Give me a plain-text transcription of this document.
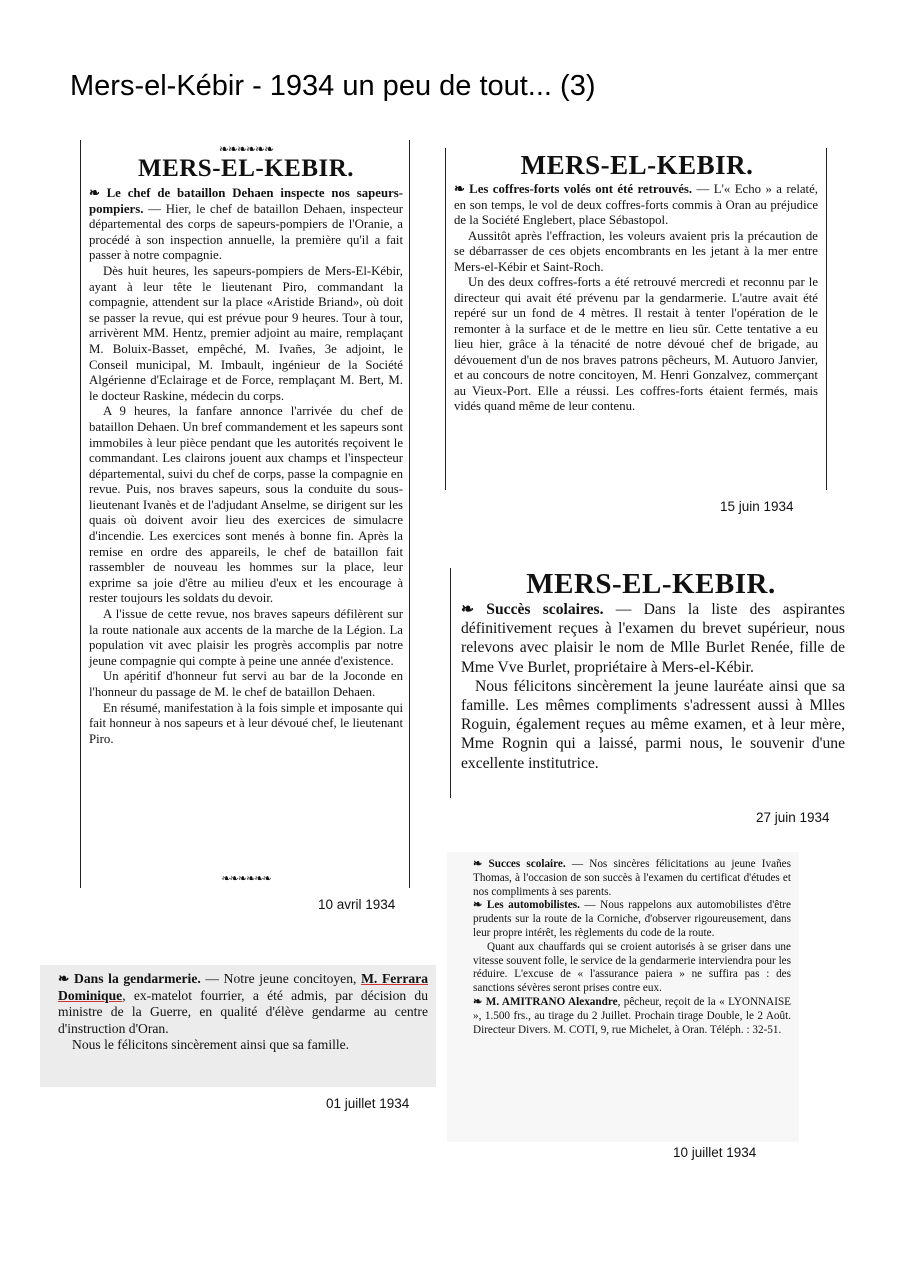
Mers-el-Kébir - 1934 un peu de tout... (3)
❧❧❧❧❧❧
MERS-EL-KEBIR.

❧ Le chef de bataillon Dehaen inspecte nos sapeurs-pompiers. — Hier, le chef de bataillon Dehaen, inspecteur départemental des corps de sapeurs-pompiers de l'Oranie, a procédé à son inspection annuelle, la première qu'il a fait passer à notre compagnie.

Dès huit heures, les sapeurs-pompiers de Mers-El-Kébir, ayant à leur tête le lieutenant Piro, commandant la compagnie, attendent sur la place «Aristide Briand», où doit se passer la revue, qui est prévue pour 9 heures. Tour à tour, arrivèrent MM. Hentz, premier adjoint au maire, remplaçant M. Boluix-Basset, empêché, M. Ivañes, 3e adjoint, le Conseil municipal, M. Imbault, ingénieur de la Société Algérienne d'Eclairage et de Force, remplaçant M. Bert, M. le docteur Raskine, médecin du corps.

A 9 heures, la fanfare annonce l'arrivée du chef de bataillon Dehaen. Un bref commandement et les sapeurs sont immobiles à leur pièce pendant que les autorités reçoivent le commandant. Les clairons jouent aux champs et l'inspecteur départemental, suivi du chef de corps, passe la compagnie en revue. Puis, nos braves sapeurs, sous la conduite du sous-lieutenant Ivanès et de l'adjudant Anselme, se dirigent sur les quais où doivent avoir lieu des exercices de simulacre d'incendie. Les exercices sont menés à bonne fin. Après la remise en ordre des appareils, le chef de bataillon fait rassembler de nouveau les hommes sur la place, leur exprime sa joie d'être au milieu d'eux et les encourage à rester toujours les soldats du devoir.

A l'issue de cette revue, nos braves sapeurs défilèrent sur la route nationale aux accents de la marche de la Légion. La population vit avec plaisir les progrès accomplis par notre jeune compagnie qui compte à peine une année d'existence.

Un apéritif d'honneur fut servi au bar de la Joconde en l'honneur du passage de M. le chef de bataillon Dehaen.

En résumé, manifestation à la fois simple et imposante qui fait honneur à nos sapeurs et à leur dévoué chef, le lieutenant Piro.

❧❧❧❧❧❧
10 avril 1934
MERS-EL-KEBIR.

❧ Les coffres-forts volés ont été retrouvés. — L'« Echo » a relaté, en son temps, le vol de deux coffres-forts commis à Oran au préjudice de la Société Englebert, place Sébastopol.

Aussitôt après l'effraction, les voleurs avaient pris la précaution de se débarrasser de ces objets encombrants en les jetant à la mer entre Mers-el-Kébir et Saint-Roch.

Un des deux coffres-forts a été retrouvé mercredi et reconnu par le directeur qui avait été prévenu par la gendarmerie. L'autre avait été repéré sur un fond de 4 mètres. Il restait à tenter l'opération de le remonter à la surface et de le mettre en lieu sûr. Cette tentative a eu lieu hier, grâce à la ténacité de notre dévoué chef de brigade, au dévouement d'un de nos braves patrons pêcheurs, M. Autuoro Janvier, et au concours de notre concitoyen, M. Henri Gonzalvez, commerçant au Vieux-Port. Elle a réussi. Les coffres-forts étaient fermés, mais vidés quand même de leur contenu.

15 juin 1934
MERS-EL-KEBIR.

❧ Succès scolaires. — Dans la liste des aspirantes définitivement reçues à l'examen du brevet supérieur, nous relevons avec plaisir le nom de Mlle Burlet Renée, fille de Mme Vve Burlet, propriétaire à Mers-el-Kébir.

Nous félicitons sincèrement la jeune lauréate ainsi que sa famille. Les mêmes compliments s'adressent aussi à Mlles Roguin, également reçues au même examen, et à leur mère, Mme Rognin qui a laissé, parmi nous, le souvenir d'une excellente institutrice.

27 juin 1934

❧ Dans la gendarmerie. — Notre jeune concitoyen, M. Ferrara Dominique, ex-matelot fourrier, a été admis, par décision du ministre de la Guerre, en qualité d'élève gendarme au centre d'instruction d'Oran.

Nous le félicitons sincèrement ainsi que sa famille.

01 juillet 1934

❧ Succes scolaire. — Nos sincères félicitations au jeune Ivañes Thomas, à l'occasion de son succès à l'examen du certificat d'études et nos compliments à ses parents.

❧ Les automobilistes. — Nous rappelons aux automobilistes d'être prudents sur la route de la Corniche, d'observer rigoureusement, dans leur propre intérêt, les règlements du code de la route.

Quant aux chauffards qui se croient autorisés à se griser dans une vitesse souvent folle, le service de la gendarmerie interviendra pour les réduire. L'excuse de « l'assurance paiera » ne suffira pas : des sanctions sévères seront prises contre eux.

❧ M. AMITRANO Alexandre, pêcheur, reçoit de la « LYONNAISE », 1.500 frs., au tirage du 2 Juillet. Prochain tirage Double, le 2 Août. Directeur Divers. M. COTI, 9, rue Michelet, à Oran. Téléph. : 32-51.

10 juillet 1934
